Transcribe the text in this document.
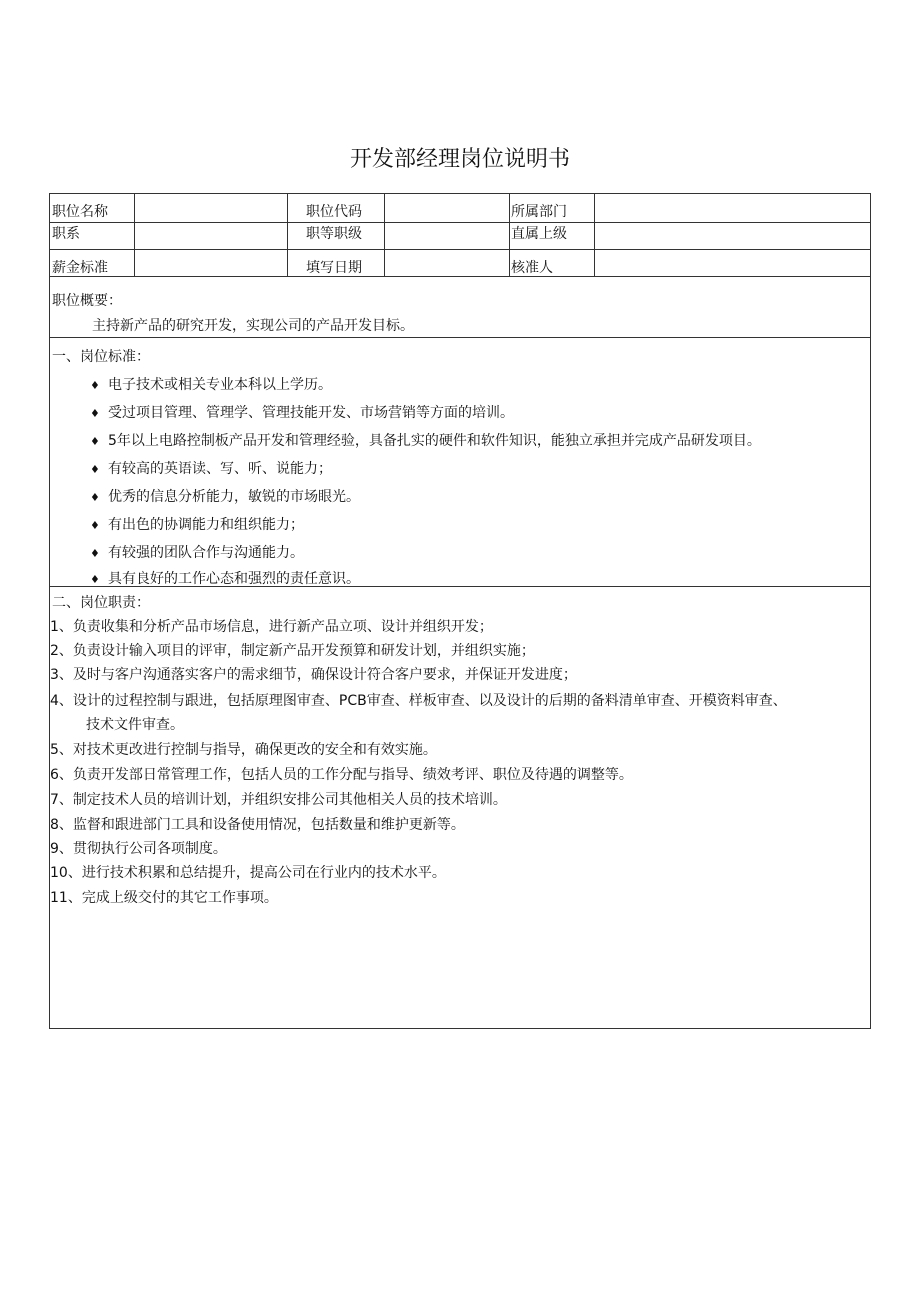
开发部经理岗位说明书
职位名称	职位代码	所属部门
职系	职等职级	直属上级
薪金标准	填写日期	核准人
职位概要：
主持新产品的研究开发，实现公司的产品开发目标。
一、岗位标准：
♦ 电子技术或相关专业本科以上学历。
♦ 受过项目管理、管理学、管理技能开发、市场营销等方面的培训。
♦ 5年以上电路控制板产品开发和管理经验，具备扎实的硬件和软件知识，能独立承担并完成产品研发项目。
♦ 有较高的英语读、写、听、说能力；
♦ 优秀的信息分析能力，敏锐的市场眼光。
♦ 有出色的协调能力和组织能力；
♦ 有较强的团队合作与沟通能力。
♦ 具有良好的工作心态和强烈的责任意识。
二、岗位职责：
1、负责收集和分析产品市场信息，进行新产品立项、设计并组织开发；
2、负责设计输入项目的评审，制定新产品开发预算和研发计划，并组织实施；
3、及时与客户沟通落实客户的需求细节，确保设计符合客户要求，并保证开发进度；
4、设计的过程控制与跟进，包括原理图审查、PCB审查、样板审查、以及设计的后期的备料清单审查、开模资料审查、
技术文件审查。
5、对技术更改进行控制与指导，确保更改的安全和有效实施。
6、负责开发部日常管理工作，包括人员的工作分配与指导、绩效考评、职位及待遇的调整等。
7、制定技术人员的培训计划，并组织安排公司其他相关人员的技术培训。
8、监督和跟进部门工具和设备使用情况，包括数量和维护更新等。
9、贯彻执行公司各项制度。
10、进行技术积累和总结提升，提高公司在行业内的技术水平。
11、完成上级交付的其它工作事项。
